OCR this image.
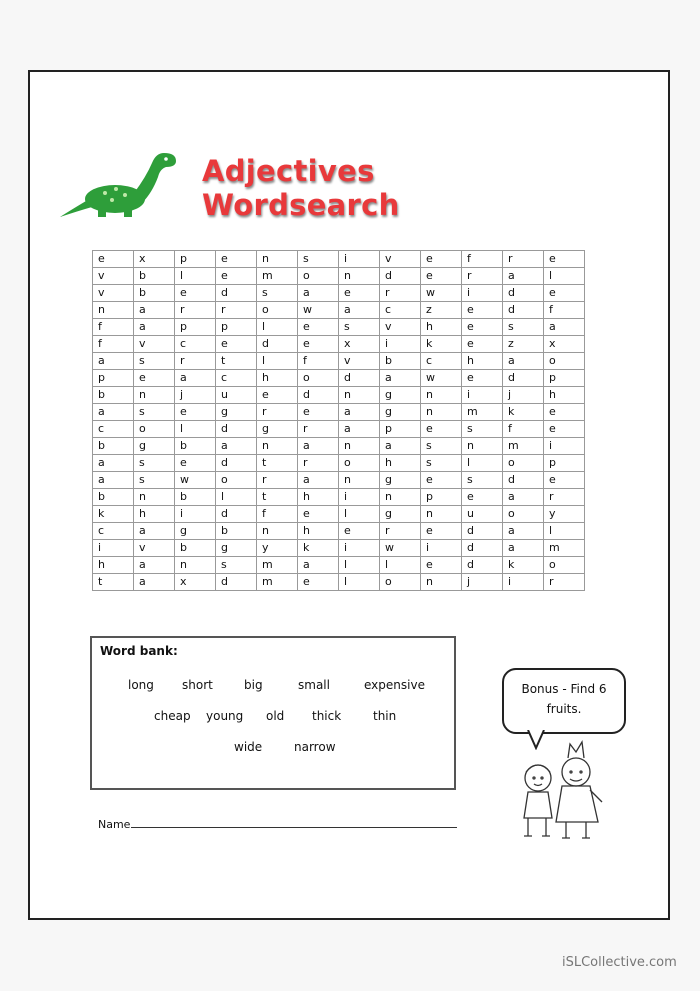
Adjectives Wordsearch
e	x	p	e	n	s	i	v	e	f	r	e
v	b	l	e	m	o	n	d	e	r	a	l
v	b	e	d	s	a	e	r	w	i	d	e
n	a	r	r	o	w	a	c	z	e	d	f
f	a	p	p	l	e	s	v	h	e	s	a
f	v	c	e	d	e	x	i	k	e	z	x
a	s	r	t	l	f	v	b	c	h	a	o
p	e	a	c	h	o	d	a	w	e	d	p
b	n	j	u	e	d	n	g	n	i	j	h
a	s	e	g	r	e	a	g	n	m	k	e
c	o	l	d	g	r	a	p	e	s	f	e
b	g	b	a	n	a	n	a	s	n	m	i
a	s	e	d	t	r	o	h	s	l	o	p
a	s	w	o	r	a	n	g	e	s	d	e
b	n	b	l	t	h	i	n	p	e	a	r
k	h	i	d	f	e	l	g	n	u	o	y
c	a	g	b	n	h	e	r	e	d	a	l
i	v	b	g	y	k	i	w	i	d	a	m
h	a	n	s	m	a	l	l	e	d	k	o
t	a	x	d	m	e	l	o	n	j	i	r
Word bank:
long short	big	small	expensive
cheap young old thick	thin
wide	narrow
Bonus - Find 6
fruits.
Name
iSLCollective.com
